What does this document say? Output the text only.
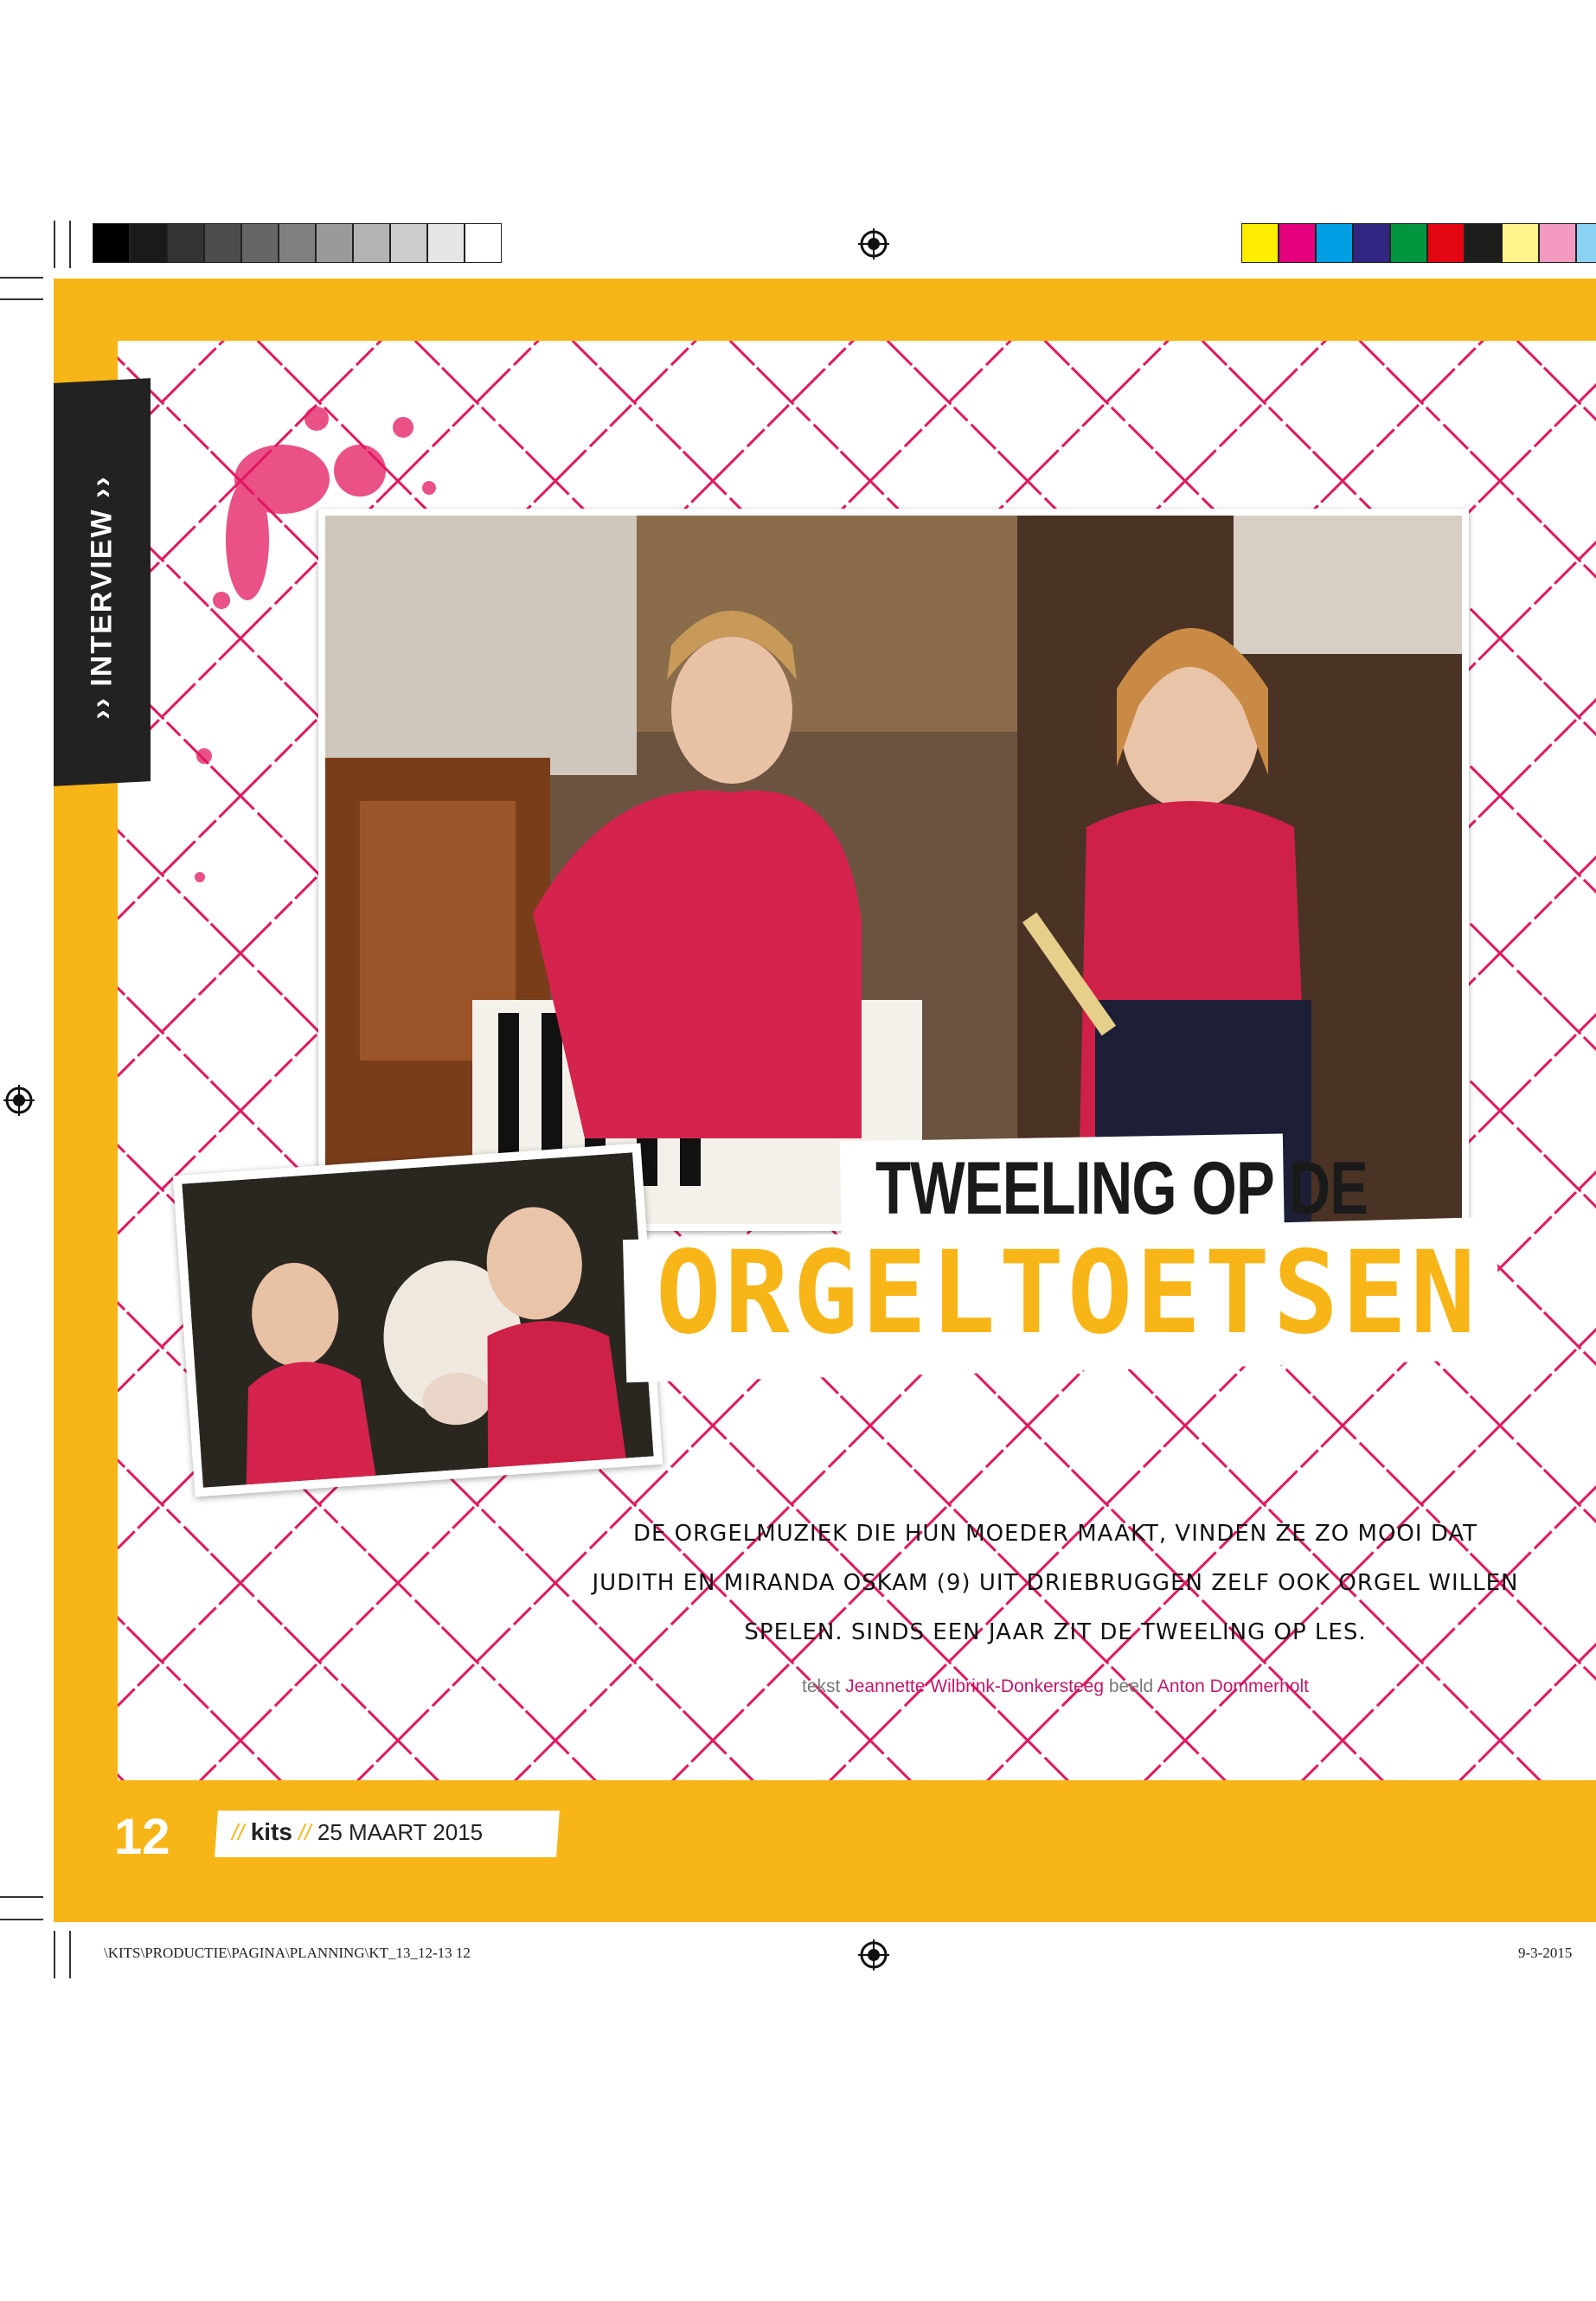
›› INTERVIEW ››
TWEELING OP DE
ORGELTOETSEN
DE ORGELMUZIEK DIE HUN MOEDER MAAKT, VINDEN ZE ZO MOOI DAT
JUDITH EN MIRANDA OSKAM (9) UIT DRIEBRUGGEN ZELF OOK ORGEL WILLEN
SPELEN. SINDS EEN JAAR ZIT DE TWEELING OP LES.
tekst Jeannette Wilbrink-Donkersteeg beeld Anton Dommerholt
12	// kits // 25 MAART 2015
\KITS\PRODUCTIE\PAGINA\PLANNING\KT_13_12-13 12	9-3-2015
